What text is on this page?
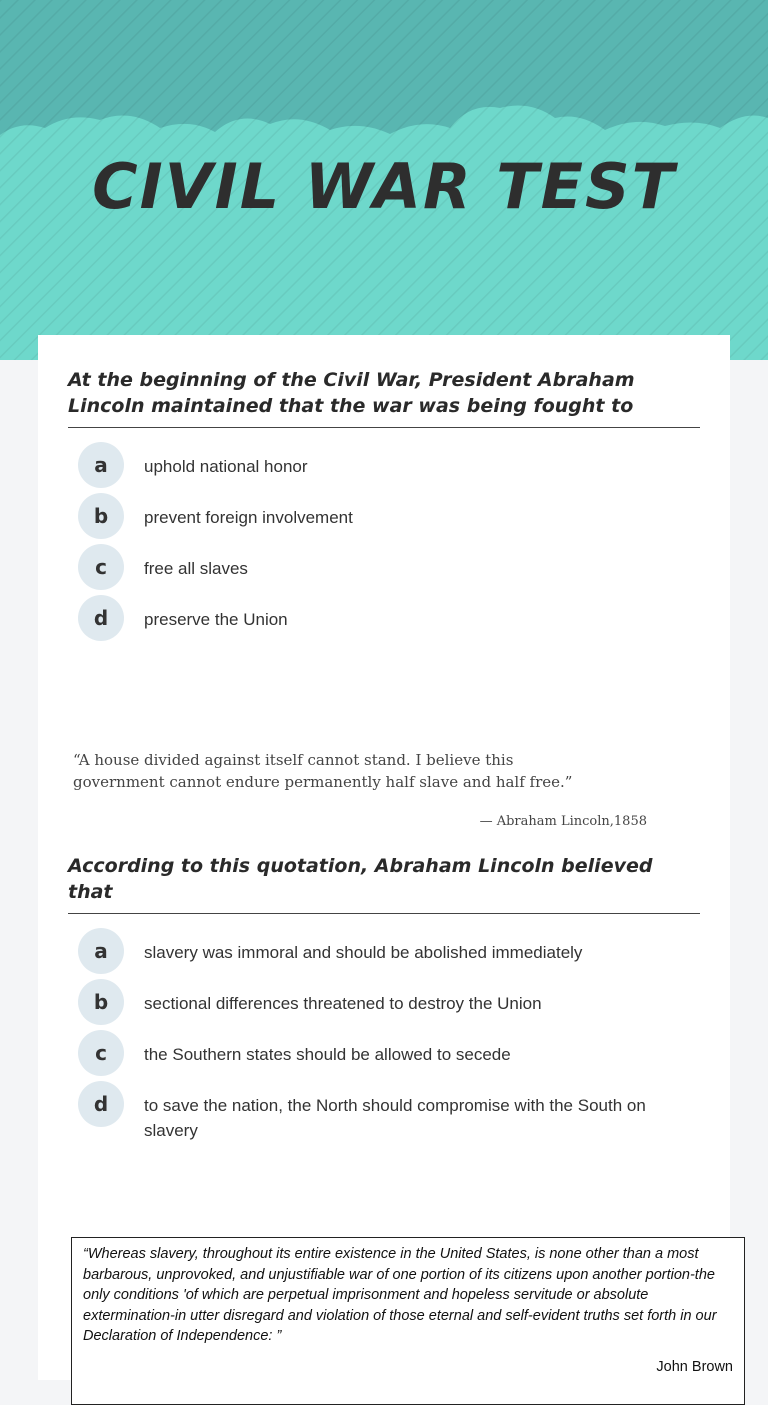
CIVIL WAR TEST

At the beginning of the Civil War, President Abraham Lincoln maintained that the war was being fought to

a	uphold national honor
b	prevent foreign involvement
c	free all slaves
d	preserve the Union
“A house divided against itself cannot stand. I believe this
government cannot endure permanently half slave and half free.”
— Abraham Lincoln,1858

According to this quotation, Abraham Lincoln believed that

a	slavery was immoral and should be abolished immediately
b	sectional differences threatened to destroy the Union
c	the Southern states should be allowed to secede
d	to save the nation, the North should compromise with the South on slavery
“Whereas slavery, throughout its entire existence in the United States, is none other than a most barbarous, unprovoked, and unjustifiable war of one portion of its citizens upon another portion-the only conditions 'of which are perpetual imprisonment and hopeless servitude or absolute extermination-in utter disregard and violation of those eternal and self-evident truths set forth in our Declaration of Independence: ”
John Brown
